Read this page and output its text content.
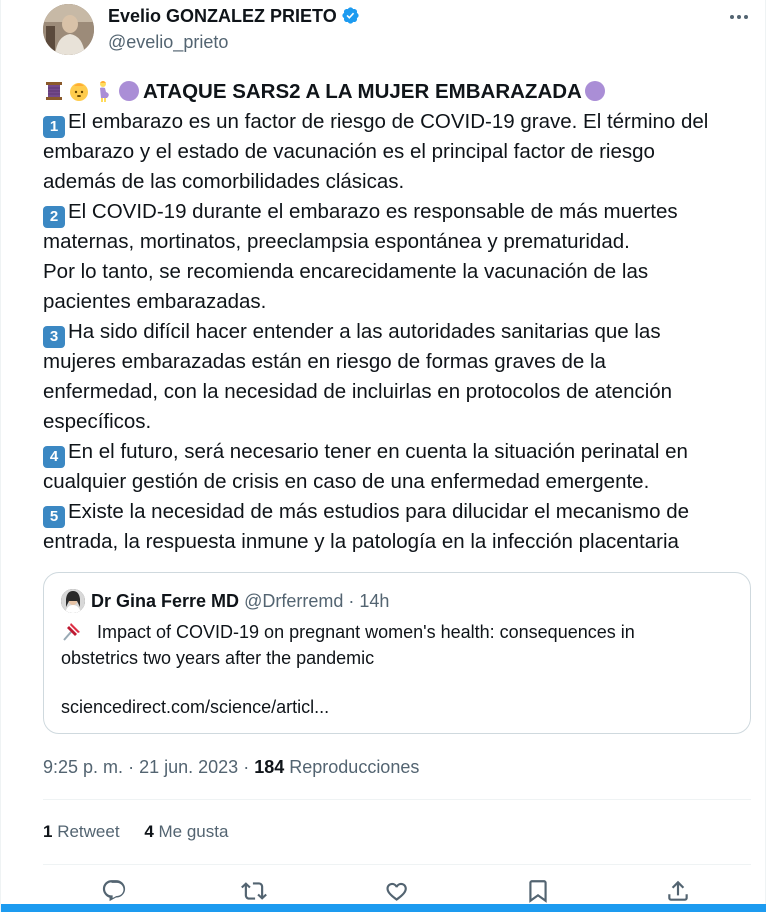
Evelio GONZALEZ PRIETO
@evelio_prieto
ATAQUE SARS2 A LA MUJER EMBARAZADA
1 El embarazo es un factor de riesgo de COVID-19 grave. El término del
embarazo y el estado de vacunación es el principal factor de riesgo
además de las comorbilidades clásicas.
2 El COVID-19 durante el embarazo es responsable de más muertes
maternas, mortinatos, preeclampsia espontánea y prematuridad.
Por lo tanto, se recomienda encarecidamente la vacunación de las
pacientes embarazadas.
3 Ha sido difícil hacer entender a las autoridades sanitarias que las
mujeres embarazadas están en riesgo de formas graves de la
enfermedad, con la necesidad de incluirlas en protocolos de atención
específicos.
4 En el futuro, será necesario tener en cuenta la situación perinatal en
cualquier gestión de crisis en caso de una enfermedad emergente.
5 Existe la necesidad de más estudios para dilucidar el mecanismo de
entrada, la respuesta inmune y la patología en la infección placentaria
Dr Gina Ferre MD @Drferremd · 14h
Impact of COVID-19 on pregnant women's health: consequences in
obstetrics two years after the pandemic
sciencedirect.com/science/articl...
9:25 p. m. · 21 jun. 2023 · 184 Reproducciones
1 Retweet 4 Me gusta
